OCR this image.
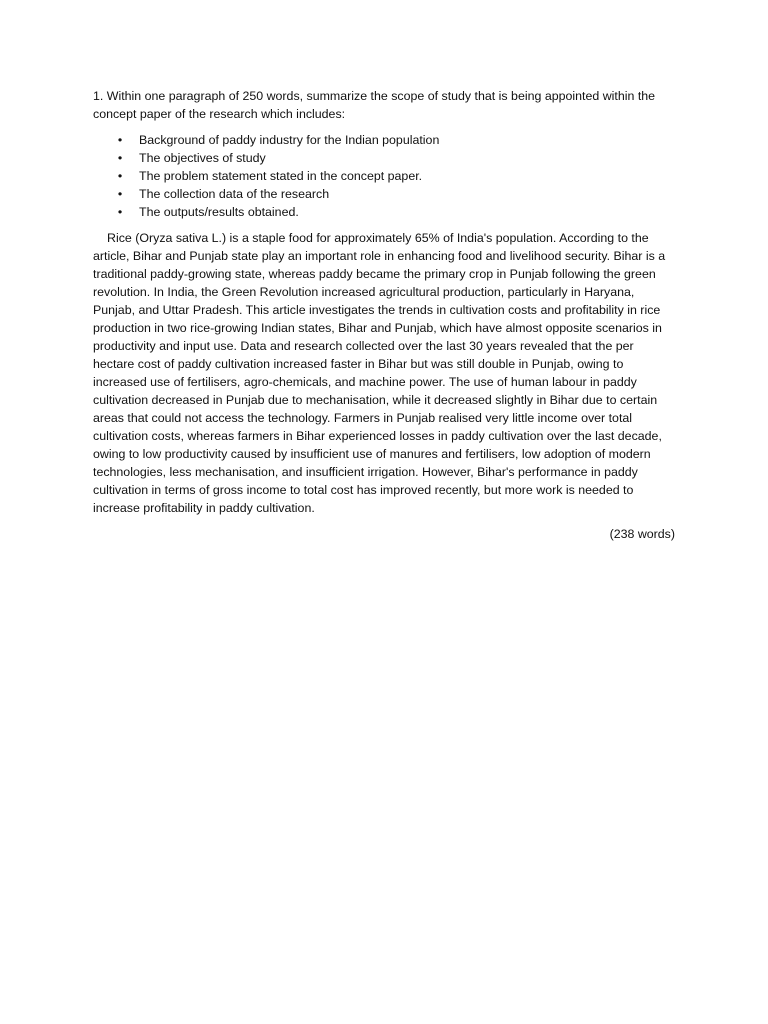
1. Within one paragraph of 250 words, summarize the scope of study that is being appointed within the concept paper of the research which includes:

• Background of paddy industry for the Indian population
• The objectives of study
• The problem statement stated in the concept paper.
• The collection data of the research
• The outputs/results obtained.

Rice (Oryza sativa L.) is a staple food for approximately 65% of India's population. According to the article, Bihar and Punjab state play an important role in enhancing food and livelihood security. Bihar is a traditional paddy-growing state, whereas paddy became the primary crop in Punjab following the green revolution. In India, the Green Revolution increased agricultural production, particularly in Haryana, Punjab, and Uttar Pradesh. This article investigates the trends in cultivation costs and profitability in rice production in two rice-growing Indian states, Bihar and Punjab, which have almost opposite scenarios in productivity and input use. Data and research collected over the last 30 years revealed that the per hectare cost of paddy cultivation increased faster in Bihar but was still double in Punjab, owing to increased use of fertilisers, agro-chemicals, and machine power. The use of human labour in paddy cultivation decreased in Punjab due to mechanisation, while it decreased slightly in Bihar due to certain areas that could not access the technology. Farmers in Punjab realised very little income over total cultivation costs, whereas farmers in Bihar experienced losses in paddy cultivation over the last decade, owing to low productivity caused by insufficient use of manures and fertilisers, low adoption of modern technologies, less mechanisation, and insufficient irrigation. However, Bihar's performance in paddy cultivation in terms of gross income to total cost has improved recently, but more work is needed to increase profitability in paddy cultivation.

(238 words)
